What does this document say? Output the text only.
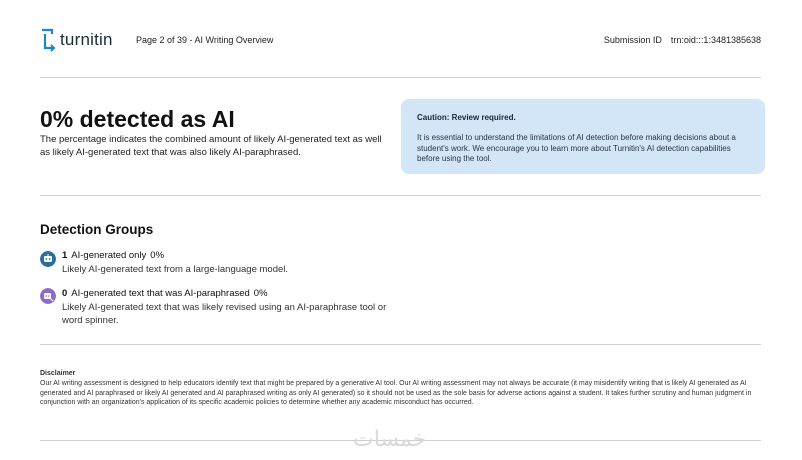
turnitin	Page 2 of 39 - AI Writing Overview	Submission ID trn:oid:::1:3481385638
0% detected as AI
The percentage indicates the combined amount of likely AI-generated text as well as likely AI-generated text that was also likely AI-paraphrased.
Caution: Review required.
It is essential to understand the limitations of AI detection before making decisions about a student's work. We encourage you to learn more about Turnitin's AI detection capabilities before using the tool.
Detection Groups
1 AI-generated only 0%
Likely AI-generated text from a large-language model.
0 AI-generated text that was AI-paraphrased 0%
Likely AI-generated text that was likely revised using an AI-paraphrase tool or word spinner.
Disclaimer
Our AI writing assessment is designed to help educators identify text that might be prepared by a generative AI tool. Our AI writing assessment may not always be accurate (it may misidentify writing that is likely AI generated as AI generated and AI paraphrased or likely AI generated and AI paraphrased writing as only AI generated) so it should not be used as the sole basis for adverse actions against a student. It takes further scrutiny and human judgment in conjunction with an organization's application of its specific academic policies to determine whether any academic misconduct has occurred.
خمسات
